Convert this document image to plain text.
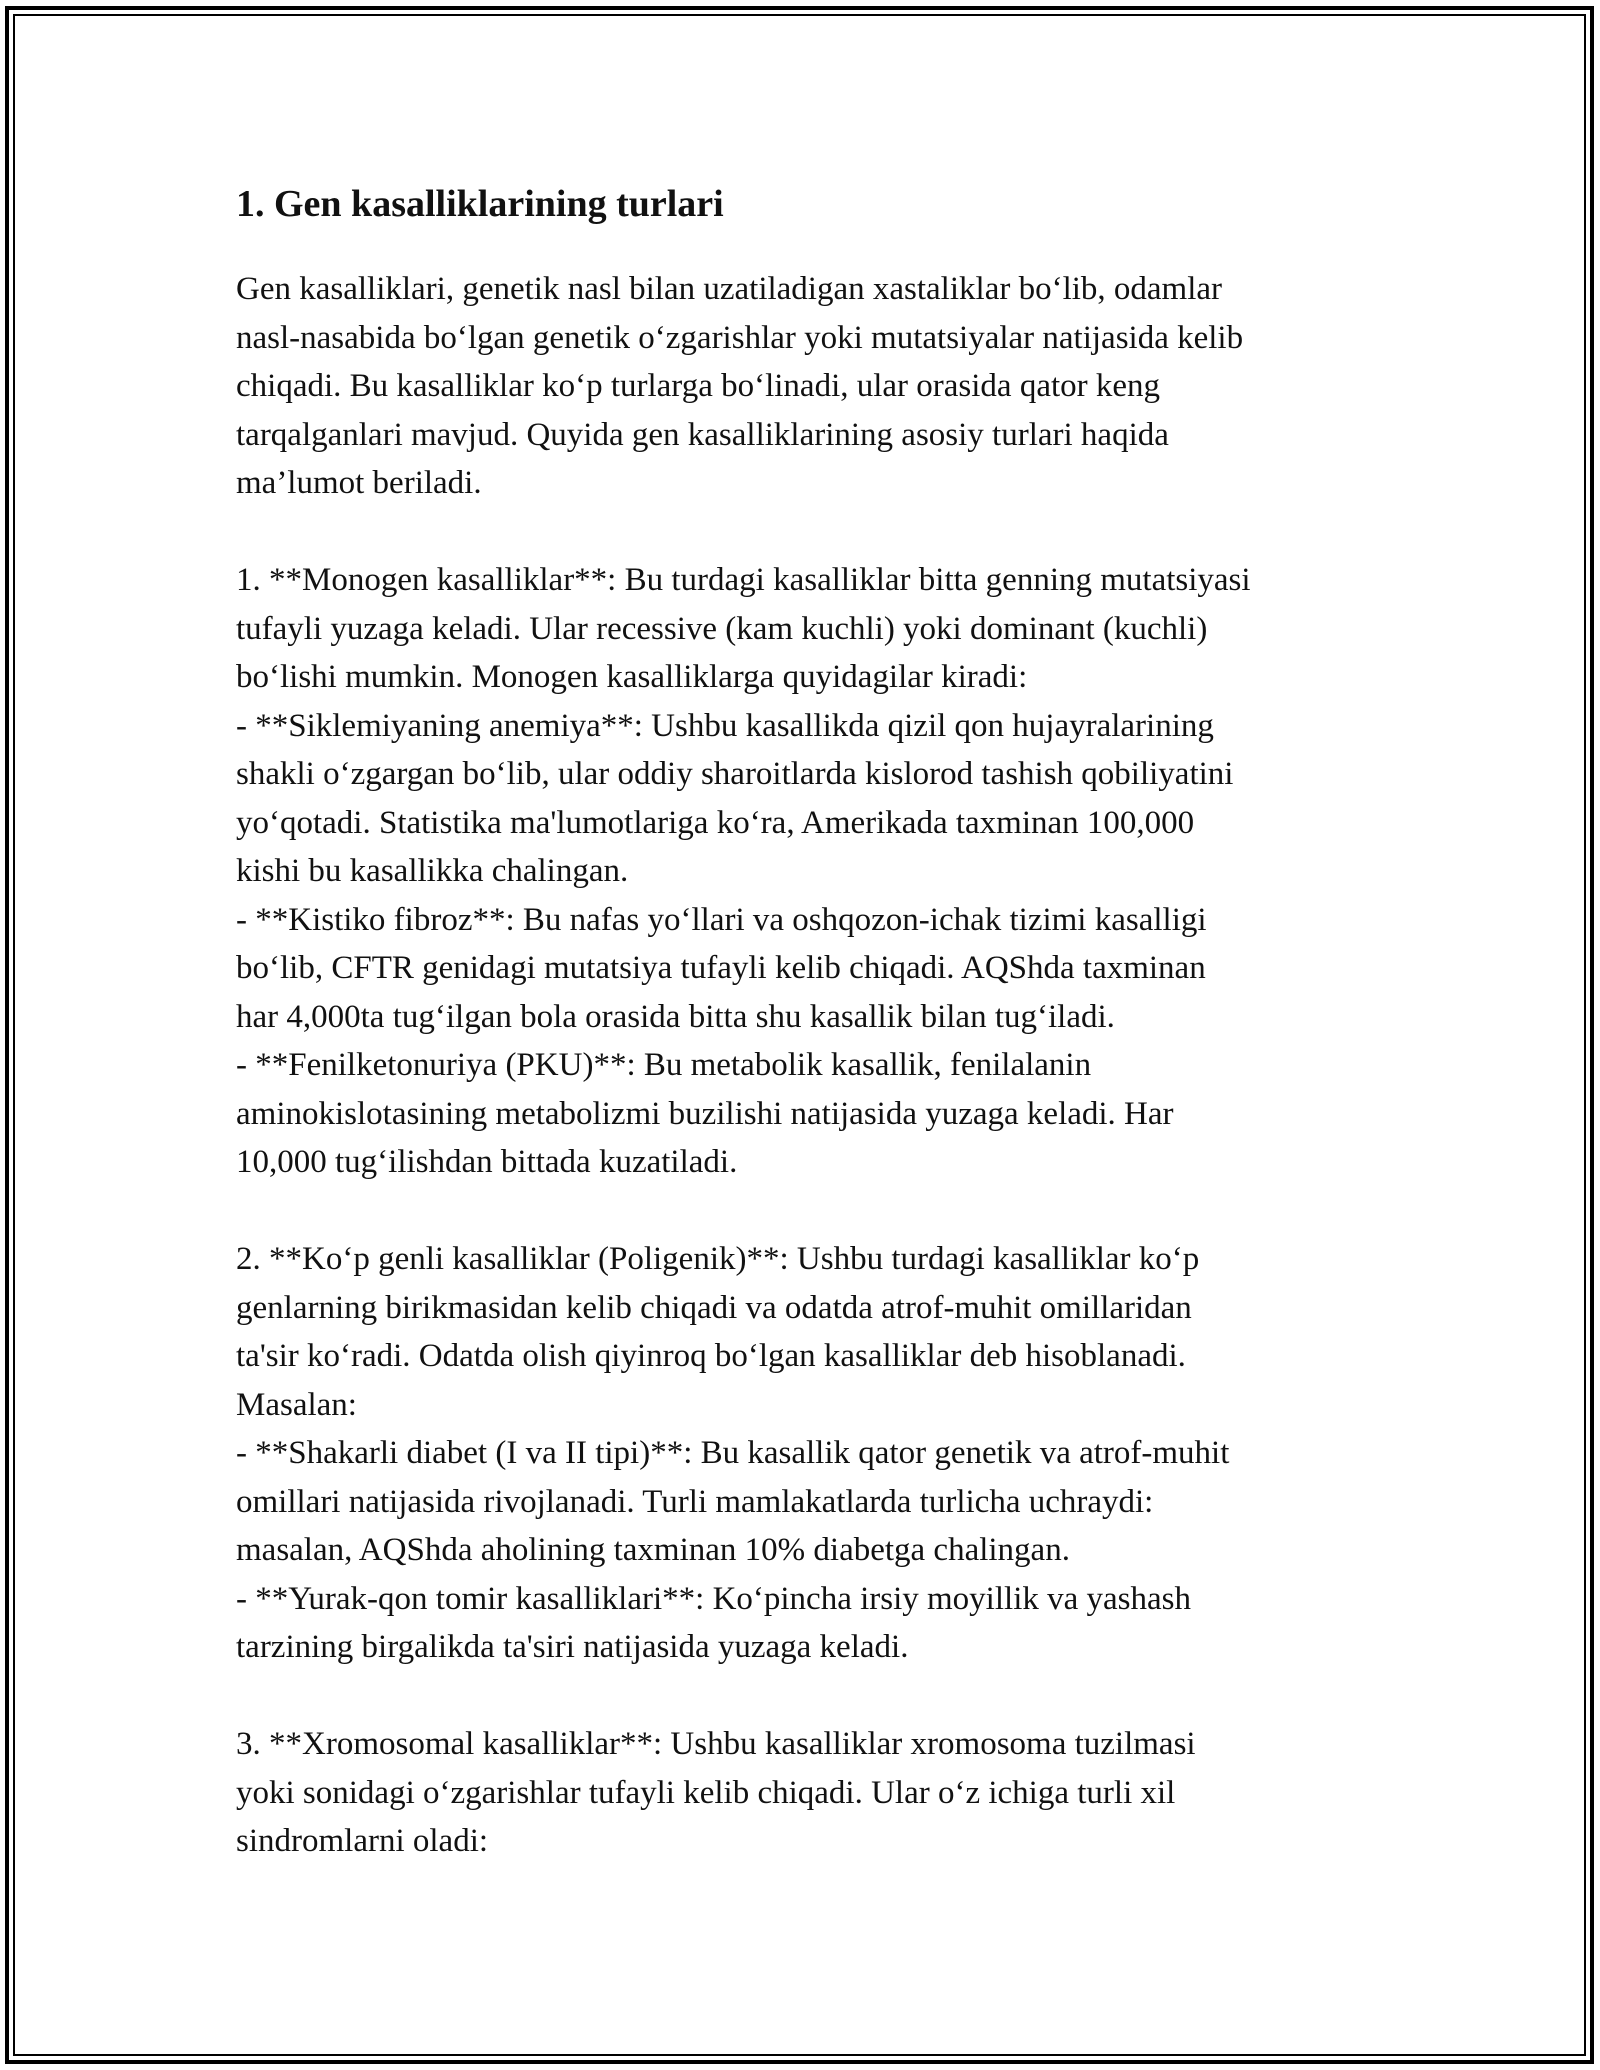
1. Gen kasalliklarining turlari

Gen kasalliklari, genetik nasl bilan uzatiladigan xastaliklar bo‘lib, odamlar
nasl-nasabida bo‘lgan genetik o‘zgarishlar yoki mutatsiyalar natijasida kelib
chiqadi. Bu kasalliklar ko‘p turlarga bo‘linadi, ular orasida qator keng
tarqalganlari mavjud. Quyida gen kasalliklarining asosiy turlari haqida
ma’lumot beriladi.

1. **Monogen kasalliklar**: Bu turdagi kasalliklar bitta genning mutatsiyasi
tufayli yuzaga keladi. Ular recessive (kam kuchli) yoki dominant (kuchli)
bo‘lishi mumkin. Monogen kasalliklarga quyidagilar kiradi:
- **Siklemiyaning anemiya**: Ushbu kasallikda qizil qon hujayralarining
shakli o‘zgargan bo‘lib, ular oddiy sharoitlarda kislorod tashish qobiliyatini
yo‘qotadi. Statistika ma'lumotlariga ko‘ra, Amerikada taxminan 100,000
kishi bu kasallikka chalingan.
- **Kistiko fibroz**: Bu nafas yo‘llari va oshqozon-ichak tizimi kasalligi
bo‘lib, CFTR genidagi mutatsiya tufayli kelib chiqadi. AQShda taxminan
har 4,000ta tug‘ilgan bola orasida bitta shu kasallik bilan tug‘iladi.
- **Fenilketonuriya (PKU)**: Bu metabolik kasallik, fenilalanin
aminokislotasining metabolizmi buzilishi natijasida yuzaga keladi. Har
10,000 tug‘ilishdan bittada kuzatiladi.

2. **Ko‘p genli kasalliklar (Poligenik)**: Ushbu turdagi kasalliklar ko‘p
genlarning birikmasidan kelib chiqadi va odatda atrof-muhit omillaridan
ta'sir ko‘radi. Odatda olish qiyinroq bo‘lgan kasalliklar deb hisoblanadi.
Masalan:
- **Shakarli diabet (I va II tipi)**: Bu kasallik qator genetik va atrof-muhit
omillari natijasida rivojlanadi. Turli mamlakatlarda turlicha uchraydi:
masalan, AQShda aholining taxminan 10% diabetga chalingan.
- **Yurak-qon tomir kasalliklari**: Ko‘pincha irsiy moyillik va yashash
tarzining birgalikda ta'siri natijasida yuzaga keladi.

3. **Xromosomal kasalliklar**: Ushbu kasalliklar xromosoma tuzilmasi
yoki sonidagi o‘zgarishlar tufayli kelib chiqadi. Ular o‘z ichiga turli xil
sindromlarni oladi:
